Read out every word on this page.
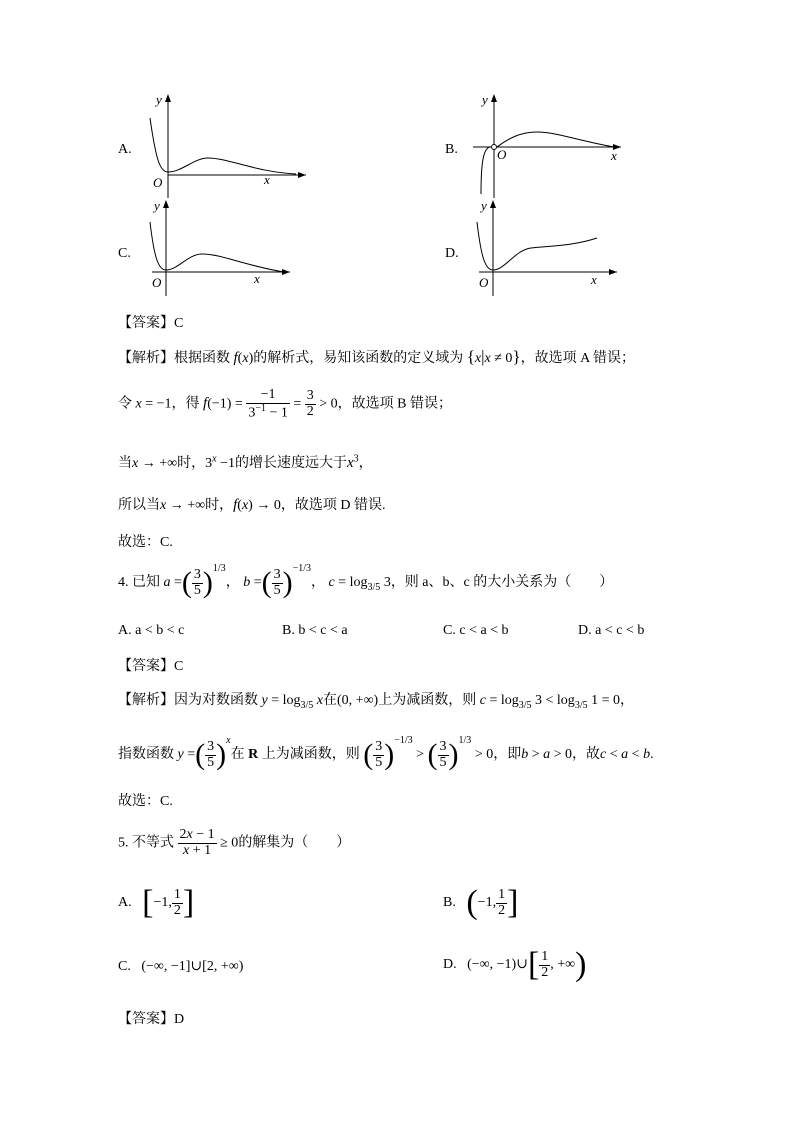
A.
y
x
O
B.
y
x
O
C.
y
x
O
D.
y
x
O
【答案】C
【解析】根据函数 f(x)的解析式，易知该函数的定义域为 {x|x ≠ 0}，故选项 A 错误；
令 x = −1，得 $f(-1) = \frac{-1}{3^{-1} - 1} = \frac{3}{2} > 0$，故选项 B 错误；
当x → +∞时，$3^x -1$的增长速度远大于$x^3$，
所以当x → +∞时，f(x) → 0，故选项 D 错误.
故选：C.
4. 已知 a =( $\frac{3}{5} )^{1/3}$， b =( $\frac{3}{5} )^{-1/3}$， $c = \log_{3/5} 3$，则 a、b、c 的大小关系为（　　）
A. a < b < c	B. b < c < a	C. c < a < b	D. a < c < b
【答案】C
【解析】因为对数函数 $y = \log_{3/5} x$在(0, +∞)上为减函数，则 $c = \log_{3/5} 3 < \log_{3/5} 1 = 0$，
指数函数 y =( $\frac{3}{5} )^x$在 R 上为减函数，则 ( $\frac{3}{5} )^{-1/3}$ > ( $\frac{3}{5} )^{1/3} > 0$，即b > a > 0，故c < a < b.
故选：C.
5. 不等式 $\frac{2x - 1}{x + 1} \ge 0$的解集为（　　）
A. [−1, $\frac{1}{2}$ ]	B. (−1, $\frac{1}{2}$ ]
C.   (−∞, −1]∪[2, +∞)	D.   (−∞, −1)∪[ $\frac{1}{2}$ , +∞)
【答案】D
